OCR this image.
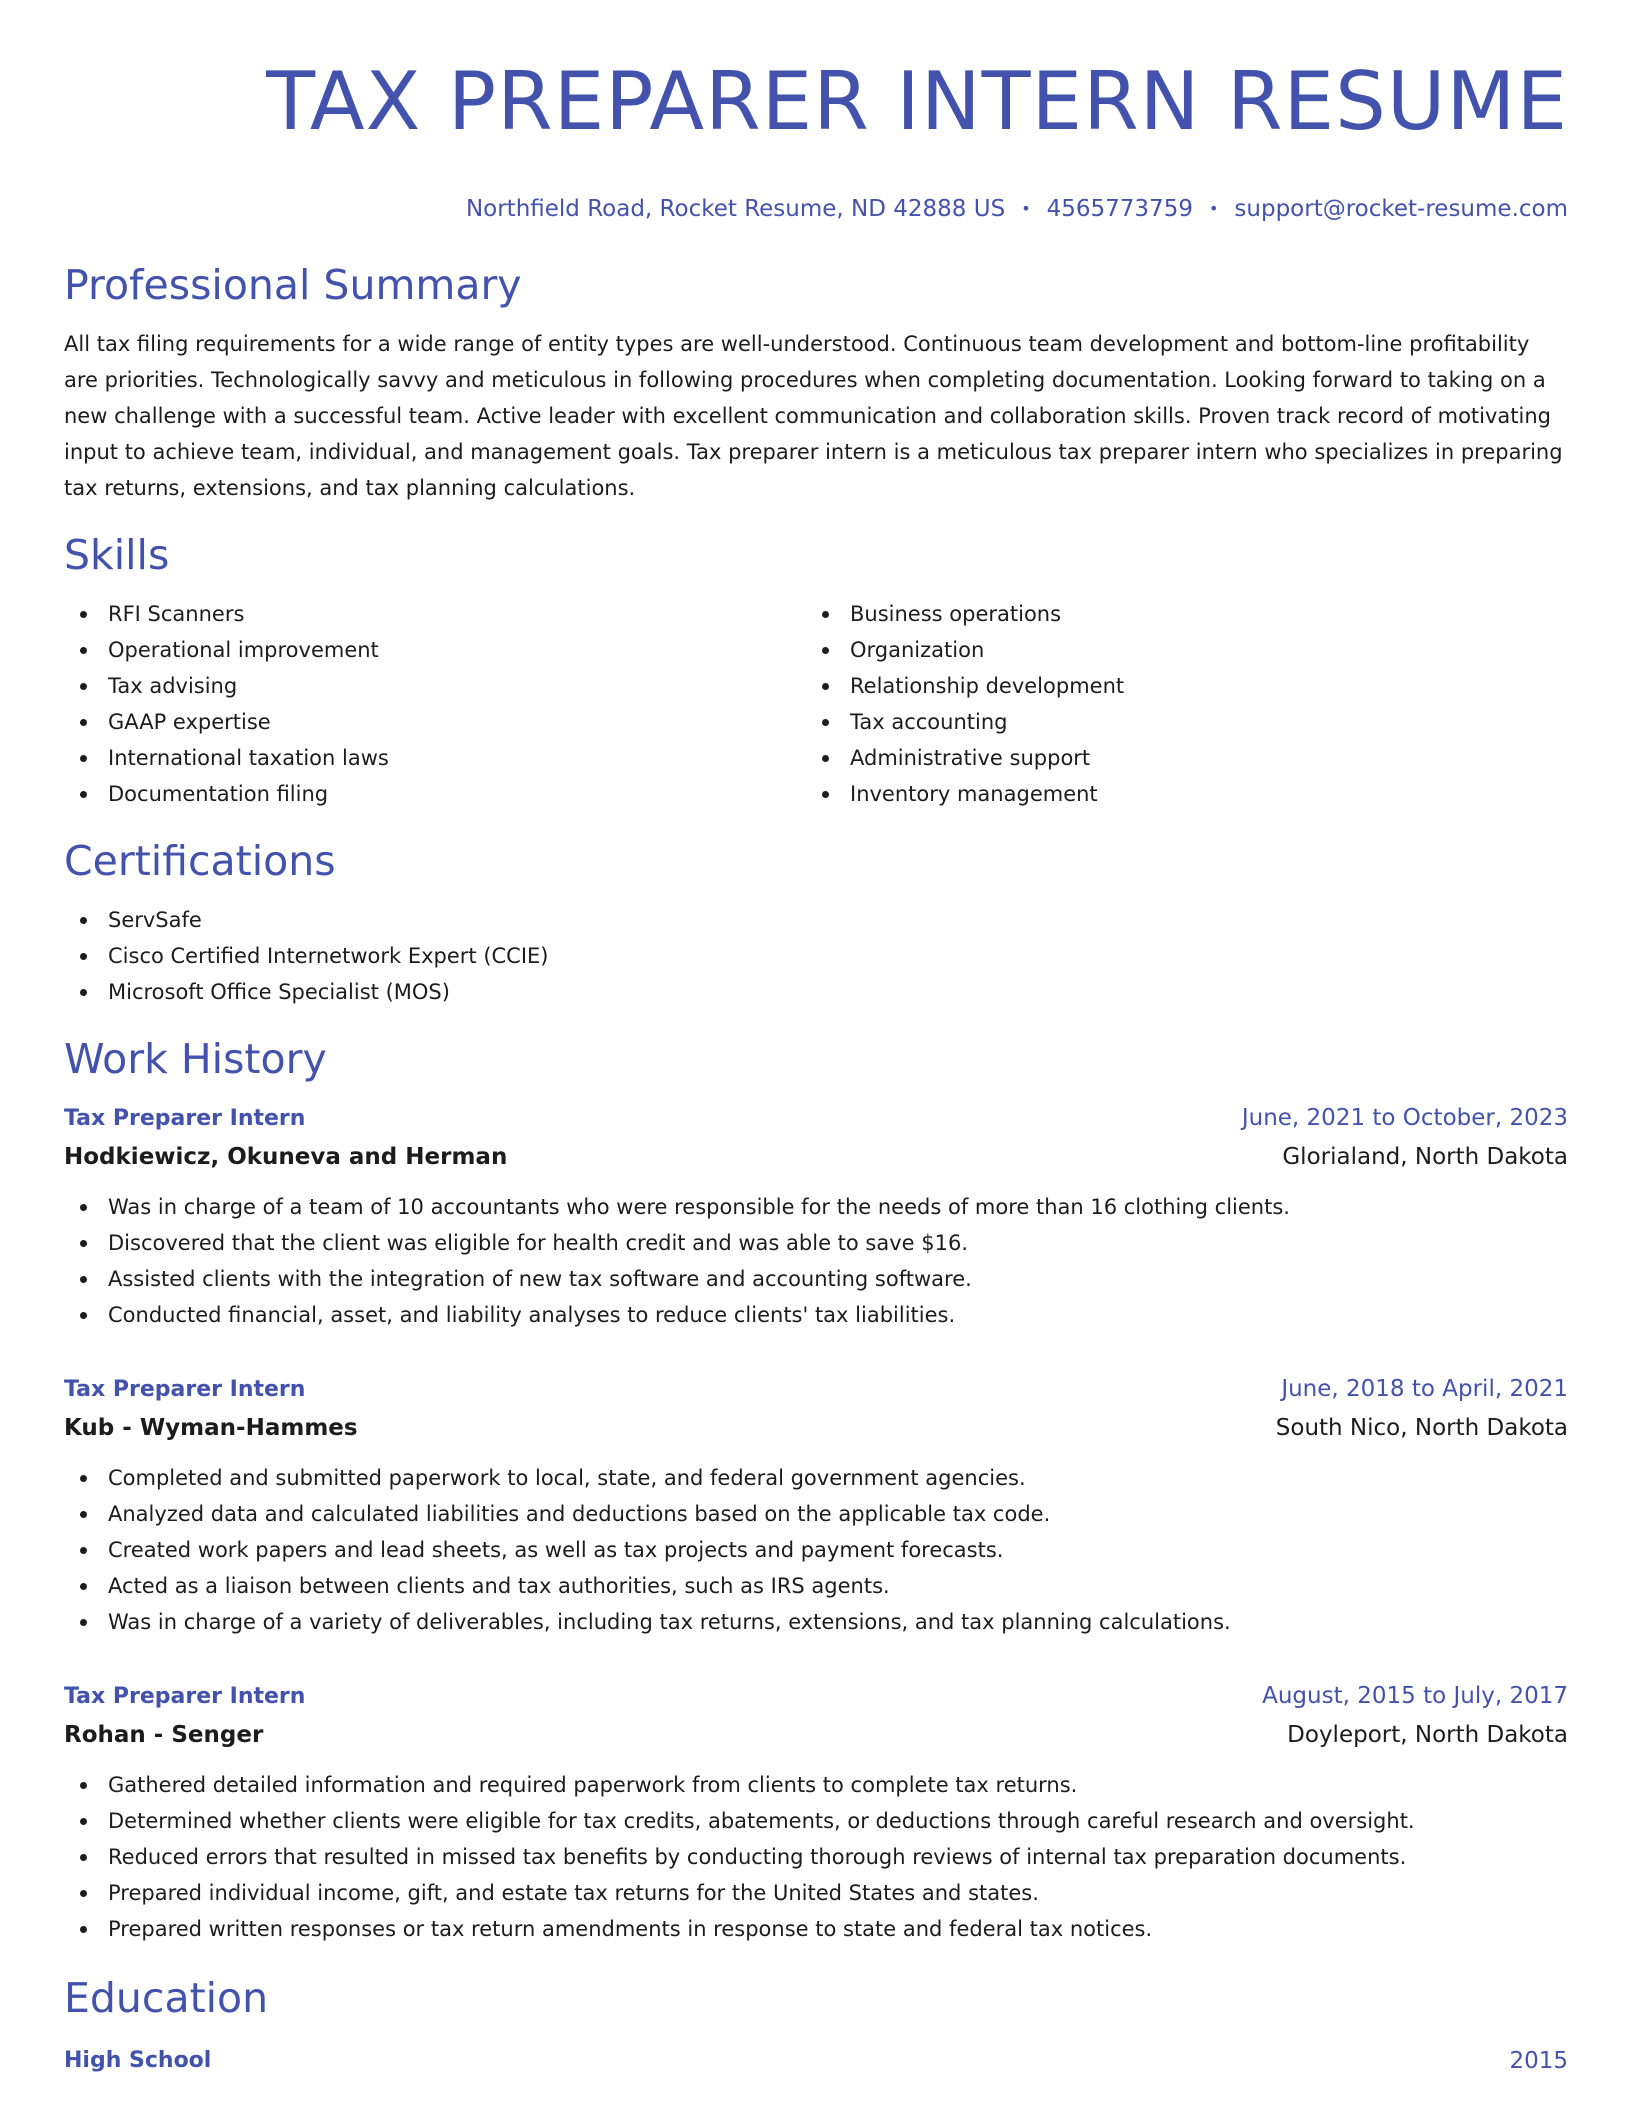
TAX PREPARER INTERN RESUME
Northfield Road, Rocket Resume, ND 42888 US • 4565773759 • support@rocket-resume.com
Professional Summary

All tax filing requirements for a wide range of entity types are well-understood. Continuous team development and bottom-line profitability are priorities. Technologically savvy and meticulous in following procedures when completing documentation. Looking forward to taking on a new challenge with a successful team. Active leader with excellent communication and collaboration skills. Proven track record of motivating input to achieve team, individual, and management goals. Tax preparer intern is a meticulous tax preparer intern who specializes in preparing tax returns, extensions, and tax planning calculations.

Skills
RFI Scanners
Operational improvement
Tax advising
GAAP expertise
International taxation laws
Documentation filing
Business operations
Organization
Relationship development
Tax accounting
Administrative support
Inventory management
Certifications
ServSafe
Cisco Certified Internetwork Expert (CCIE)
Microsoft Office Specialist (MOS)
Work History
Tax Preparer Intern	June, 2021 to October, 2023
Hodkiewicz, Okuneva and Herman	Glorialand, North Dakota
Was in charge of a team of 10 accountants who were responsible for the needs of more than 16 clothing clients.
Discovered that the client was eligible for health credit and was able to save $16.
Assisted clients with the integration of new tax software and accounting software.
Conducted financial, asset, and liability analyses to reduce clients' tax liabilities.
Tax Preparer Intern	June, 2018 to April, 2021
Kub - Wyman-Hammes	South Nico, North Dakota
Completed and submitted paperwork to local, state, and federal government agencies.
Analyzed data and calculated liabilities and deductions based on the applicable tax code.
Created work papers and lead sheets, as well as tax projects and payment forecasts.
Acted as a liaison between clients and tax authorities, such as IRS agents.
Was in charge of a variety of deliverables, including tax returns, extensions, and tax planning calculations.
Tax Preparer Intern	August, 2015 to July, 2017
Rohan - Senger	Doyleport, North Dakota
Gathered detailed information and required paperwork from clients to complete tax returns.
Determined whether clients were eligible for tax credits, abatements, or deductions through careful research and oversight.
Reduced errors that resulted in missed tax benefits by conducting thorough reviews of internal tax preparation documents.
Prepared individual income, gift, and estate tax returns for the United States and states.
Prepared written responses or tax return amendments in response to state and federal tax notices.
Education
High School	2015
